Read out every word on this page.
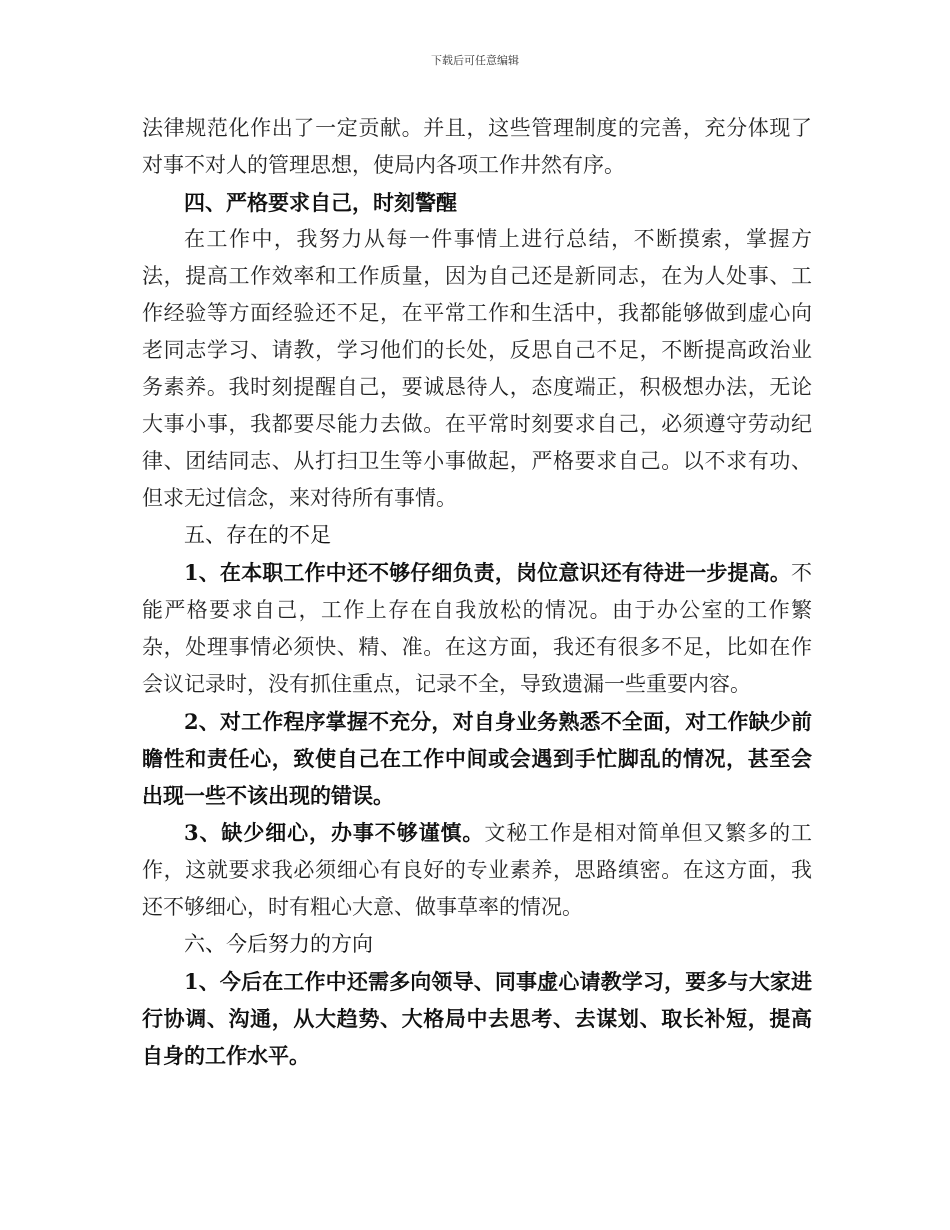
下载后可任意编辑

法律规范化作出了一定贡献。并且，这些管理制度的完善，充分体现了对事不对人的管理思想，使局内各项工作井然有序。

四、严格要求自己，时刻警醒

在工作中，我努力从每一件事情上进行总结，不断摸索，掌握方法，提高工作效率和工作质量，因为自己还是新同志，在为人处事、工作经验等方面经验还不足，在平常工作和生活中，我都能够做到虚心向老同志学习、请教，学习他们的长处，反思自己不足，不断提高政治业务素养。我时刻提醒自己，要诚恳待人，态度端正，积极想办法，无论大事小事，我都要尽能力去做。在平常时刻要求自己，必须遵守劳动纪律、团结同志、从打扫卫生等小事做起，严格要求自己。以不求有功、但求无过信念，来对待所有事情。

五、存在的不足

1、在本职工作中还不够仔细负责，岗位意识还有待进一步提高。不能严格要求自己，工作上存在自我放松的情况。由于办公室的工作繁杂，处理事情必须快、精、准。在这方面，我还有很多不足，比如在作会议记录时，没有抓住重点，记录不全，导致遗漏一些重要内容。

2、对工作程序掌握不充分，对自身业务熟悉不全面，对工作缺少前瞻性和责任心，致使自己在工作中间或会遇到手忙脚乱的情况，甚至会出现一些不该出现的错误。

3、缺少细心，办事不够谨慎。文秘工作是相对简单但又繁多的工作，这就要求我必须细心有良好的专业素养，思路缜密。在这方面，我还不够细心，时有粗心大意、做事草率的情况。

六、今后努力的方向

1、今后在工作中还需多向领导、同事虚心请教学习，要多与大家进行协调、沟通，从大趋势、大格局中去思考、去谋划、取长补短，提高自身的工作水平。
